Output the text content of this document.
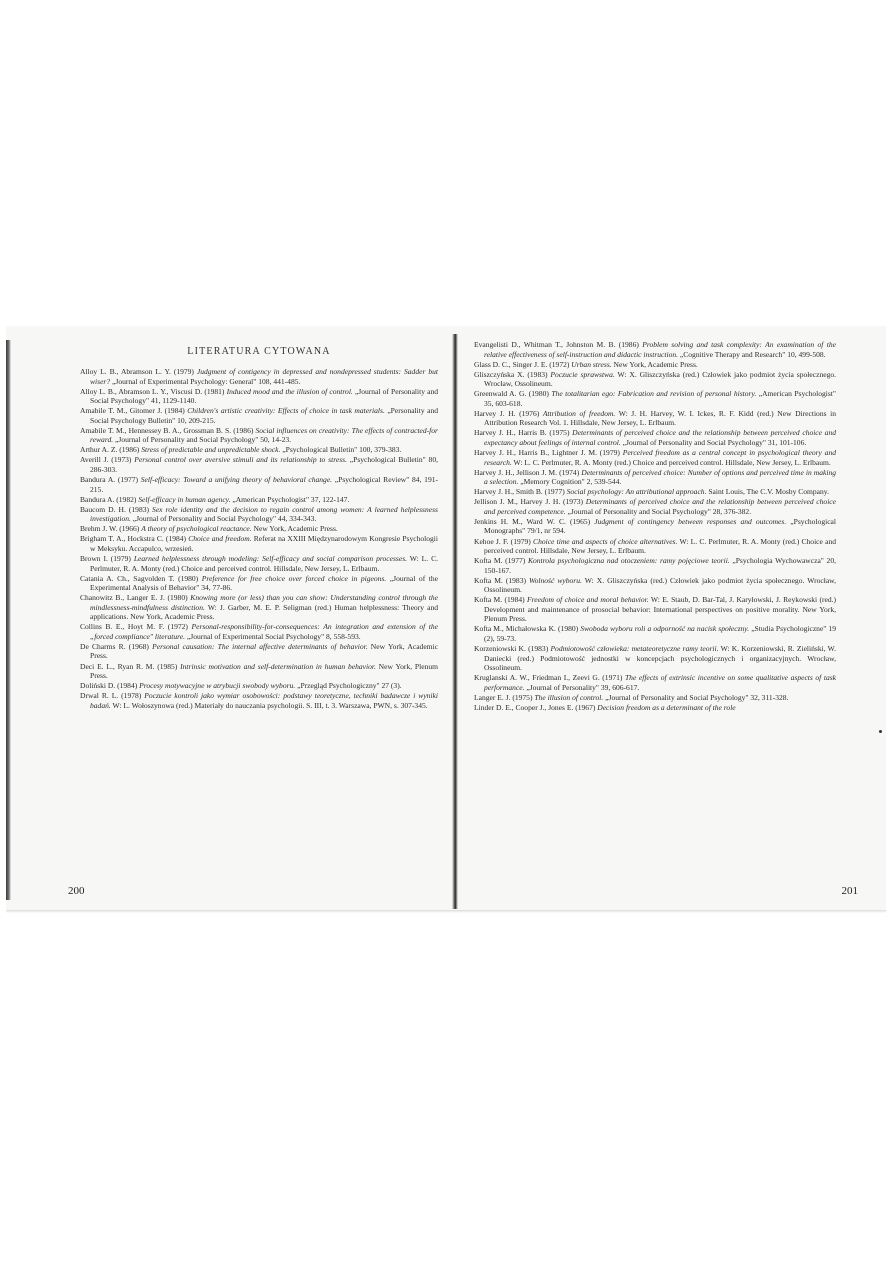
LITERATURA CYTOWANA

Alloy L. B., Abramson L. Y. (1979) Judgment of contigency in depressed and nondepressed students: Sadder but wiser? „Journal of Experimental Psychology: General" 108, 441-485.

Alloy L. B., Abramson L. Y., Viscusi D. (1981) Induced mood and the illusion of control. „Journal of Personality and Social Psychology" 41, 1129-1140.

Amabile T. M., Gitomer J. (1984) Children's artistic creativity: Effects of choice in task materials. „Personality and Social Psychology Bulletin" 10, 209-215.

Amabile T. M., Hennessey B. A., Grossman B. S. (1986) Social influences on creativity: The effects of contracted-for reward. „Journal of Personality and Social Psychology" 50, 14-23.

Arthur A. Z. (1986) Stress of predictable and unpredictable shock. „Psychological Bulletin" 100, 379-383.

Averill J. (1973) Personal control over aversive stimuli and its relationship to stress. „Psychological Bulletin" 80, 286-303.

Bandura A. (1977) Self-efficacy: Toward a unifying theory of behavioral change. „Psychological Review" 84, 191-215.

Bandura A. (1982) Self-efficacy in human agency. „American Psychologist" 37, 122-147.

Baucom D. H. (1983) Sex role identity and the decision to regain control among women: A learned helplessness investigation. „Journal of Personality and Social Psychology" 44, 334-343.

Brehm J. W. (1966) A theory of psychological reactance. New York, Academic Press.

Brigham T. A., Hockstra C. (1984) Choice and freedom. Referat na XXIII Międzynarodowym Kongresie Psychologii w Meksyku. Accapulco, wrzesień.

Brown I. (1979) Learned helplessness through modeling: Self-efficacy and social comparison processes. W: L. C. Perlmuter, R. A. Monty (red.) Choice and perceived control. Hillsdale, New Jersey, L. Erlbaum.

Catania A. Ch., Sagvolden T. (1980) Preference for free choice over forced choice in pigeons. „Journal of the Experimental Analysis of Behavior" 34, 77-86.

Chanowitz B., Langer E. J. (1980) Knowing more (or less) than you can show: Understanding control through the mindlessness-mindfulness distinction. W: J. Garber, M. E. P. Seligman (red.) Human helplessness: Theory and applications. New York, Academic Press.

Collins B. E., Hoyt M. F. (1972) Personal-responsibility-for-consequences: An integration and extension of the „forced compliance" literature. „Journal of Experimental Social Psychology" 8, 558-593.

De Charms R. (1968) Personal causation: The internal affective determinants of behavior. New York, Academic Press.

Deci E. L., Ryan R. M. (1985) Intrinsic motivation and self-determination in human behavior. New York, Plenum Press.

Doliński D. (1984) Procesy motywacyjne w atrybucji swobody wyboru. „Przegląd Psychologiczny" 27 (3).

Drwal R. L. (1978) Poczucie kontroli jako wymiar osobowości: podstawy teoretyczne, techniki badawcze i wyniki badań. W: L. Wołoszynowa (red.) Materiały do nauczania psychologii. S. III, t. 3. Warszawa, PWN, s. 307-345.

200

Evangelisti D., Whitman T., Johnston M. B. (1986) Problem solving and task complexity: An examination of the relative effectiveness of self-instruction and didactic instruction. „Cognitive Therapy and Research" 10, 499-508.

Glass D. C., Singer J. E. (1972) Urban stress. New York, Academic Press.

Gliszczyńska X. (1983) Poczucie sprawstwa. W: X. Gliszczyńska (red.) Człowiek jako podmiot życia społecznego. Wrocław, Ossolineum.

Greenwald A. G. (1980) The totalitarian ego: Fabrication and revision of personal history. „American Psychologist" 35, 603-618.

Harvey J. H. (1976) Attribution of freedom. W: J. H. Harvey, W. I. Ickes, R. F. Kidd (red.) New Directions in Attribution Research Vol. 1. Hillsdale, New Jersey, L. Erlbaum.

Harvey J. H., Harris B. (1975) Determinants of perceived choice and the relationship between perceived choice and expectancy about feelings of internal control. „Journal of Personality and Social Psychology" 31, 101-106.

Harvey J. H., Harris B., Lightner J. M. (1979) Perceived freedom as a central concept in psychological theory and research. W: L. C. Perlmuter, R. A. Monty (red.) Choice and perceived control. Hillsdale, New Jersey, L. Erlbaum.

Harvey J. H., Jellison J. M. (1974) Determinants of perceived choice: Number of options and perceived time in making a selection. „Memory Cognition" 2, 539-544.

Harvey J. H., Smith B. (1977) Social psychology: An attributional approach. Saint Louis, The C.V. Mosby Company.

Jellison J. M., Harvey J. H. (1973) Determinants of perceived choice and the relationship between perceived choice and perceived competence. „Journal of Personality and Social Psychology" 28, 376-382.

Jenkins H. M., Ward W. C. (1965) Judgment of contingency between responses and outcomes. „Psychological Monographs" 79/1, nr 594.

Kehoe J. F. (1979) Choice time and aspects of choice alternatives. W: L. C. Perlmuter, R. A. Monty (red.) Choice and perceived control. Hillsdale, New Jersey, L. Erlbaum.

Kofta M. (1977) Kontrola psychologiczna nad otoczeniem: ramy pojęciowe teorii. „Psychologia Wychowawcza" 20, 150-167.

Kofta M. (1983) Wolność wyboru. W: X. Gliszczyńska (red.) Człowiek jako podmiot życia społecznego. Wrocław, Ossolineum.

Kofta M. (1984) Freedom of choice and moral behavior. W: E. Staub, D. Bar-Tal, J. Karyłowski, J. Reykowski (red.) Development and maintenance of prosocial behavior: International perspectives on positive morality. New York, Plenum Press.

Kofta M., Michałowska K. (1980) Swoboda wyboru roli a odporność na nacisk społeczny. „Studia Psychologiczne" 19 (2), 59-73.

Korzeniowski K. (1983) Podmiotowość człowieka: metateoretyczne ramy teorii. W: K. Korzeniowski, R. Zieliński, W. Daniecki (red.) Podmiotowość jednostki w koncepcjach psychologicznych i organizacyjnych. Wrocław, Ossolineum.

Kruglanski A. W., Friedman I., Zeevi G. (1971) The effects of extrinsic incentive on some qualitative aspects of task performance. „Journal of Personality" 39, 606-617.

Langer E. J. (1975) The illusion of control. „Journal of Personality and Social Psychology" 32, 311-328.

Linder D. E., Cooper J., Jones E. (1967) Decision freedom as a determinant of the role

201
